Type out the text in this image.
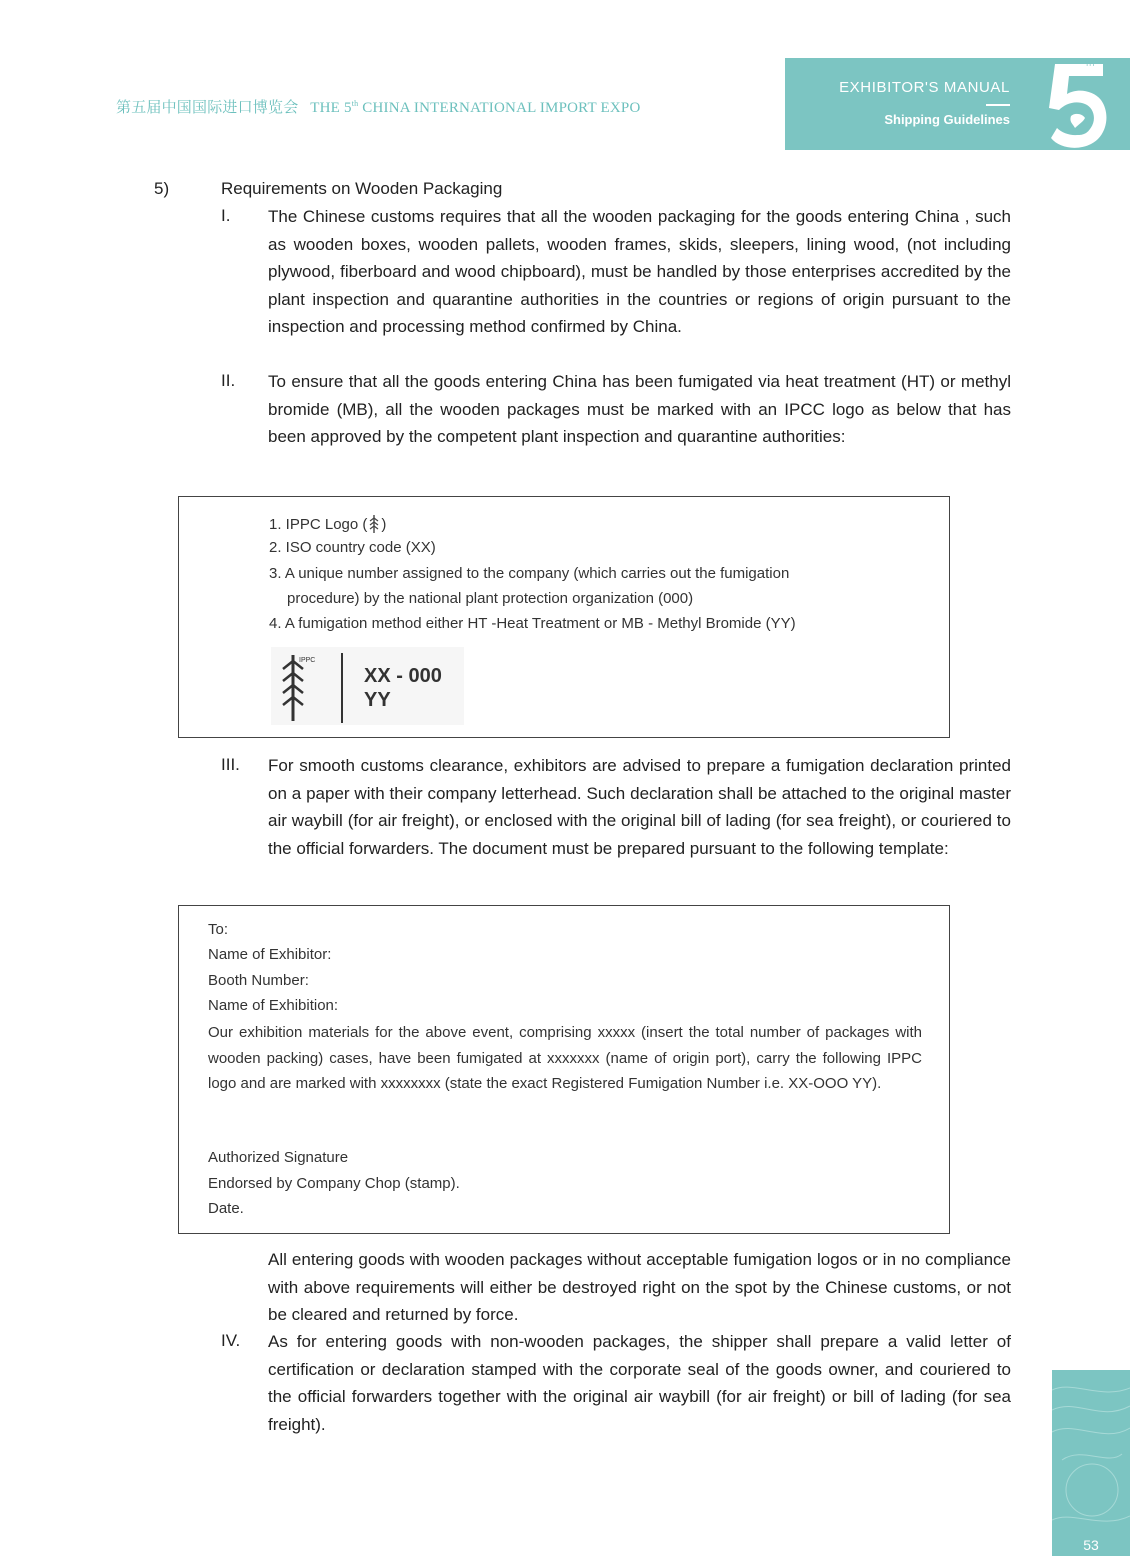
第五届中国国际进口博览会 THE 5th CHINA INTERNATIONAL IMPORT EXPO
EXHIBITOR'S MANUAL
Shipping Guidelines
TH
5)	Requirements on Wooden Packaging
I. The Chinese customs requires that all the wooden packaging for the goods entering China , such as wooden boxes, wooden pallets, wooden frames, skids, sleepers, lining wood, (not including plywood, fiberboard and wood chipboard), must be handled by those enterprises accredited by the plant inspection and quarantine authorities in the countries or regions of origin pursuant to the inspection and processing method confirmed by China.

II. To ensure that all the goods entering China has been fumigated via heat treatment (HT) or methyl bromide (MB), all the wooden packages must be marked with an IPCC logo as below that has been approved by the competent plant inspection and quarantine authorities:

1. IPPC Logo ( )
2. ISO country code (XX)
3. A unique number assigned to the company (which carries out the fumigation
procedure) by the national plant protection organization (000)
4. A fumigation method either HT -Heat Treatment or MB - Methyl Bromide (YY)
IPPC
XX - 000
YY
III. For smooth customs clearance, exhibitors are advised to prepare a fumigation declaration printed on a paper with their company letterhead. Such declaration shall be attached to the original master air waybill (for air freight), or enclosed with the original bill of lading (for sea freight), or couriered to the official forwarders. The document must be prepared pursuant to the following template:

To:
Name of Exhibitor:
Booth Number:
Name of Exhibition:

Our exhibition materials for the above event, comprising xxxxx (insert the total number of packages with wooden packing) cases, have been fumigated at xxxxxxx (name of origin port), carry the following IPPC logo and are marked with xxxxxxxx (state the exact Registered Fumigation Number i.e. XX-OOO YY).

Authorized Signature
Endorsed by Company Chop (stamp).
Date.

All entering goods with wooden packages without acceptable fumigation logos or in no compliance with above requirements will either be destroyed right on the spot by the Chinese customs, or not be cleared and returned by force.

IV. As for entering goods with non-wooden packages, the shipper shall prepare a valid letter of certification or declaration stamped with the corporate seal of the goods owner, and couriered to the official forwarders together with the original air waybill (for air freight) or bill of lading (for sea freight).

53
